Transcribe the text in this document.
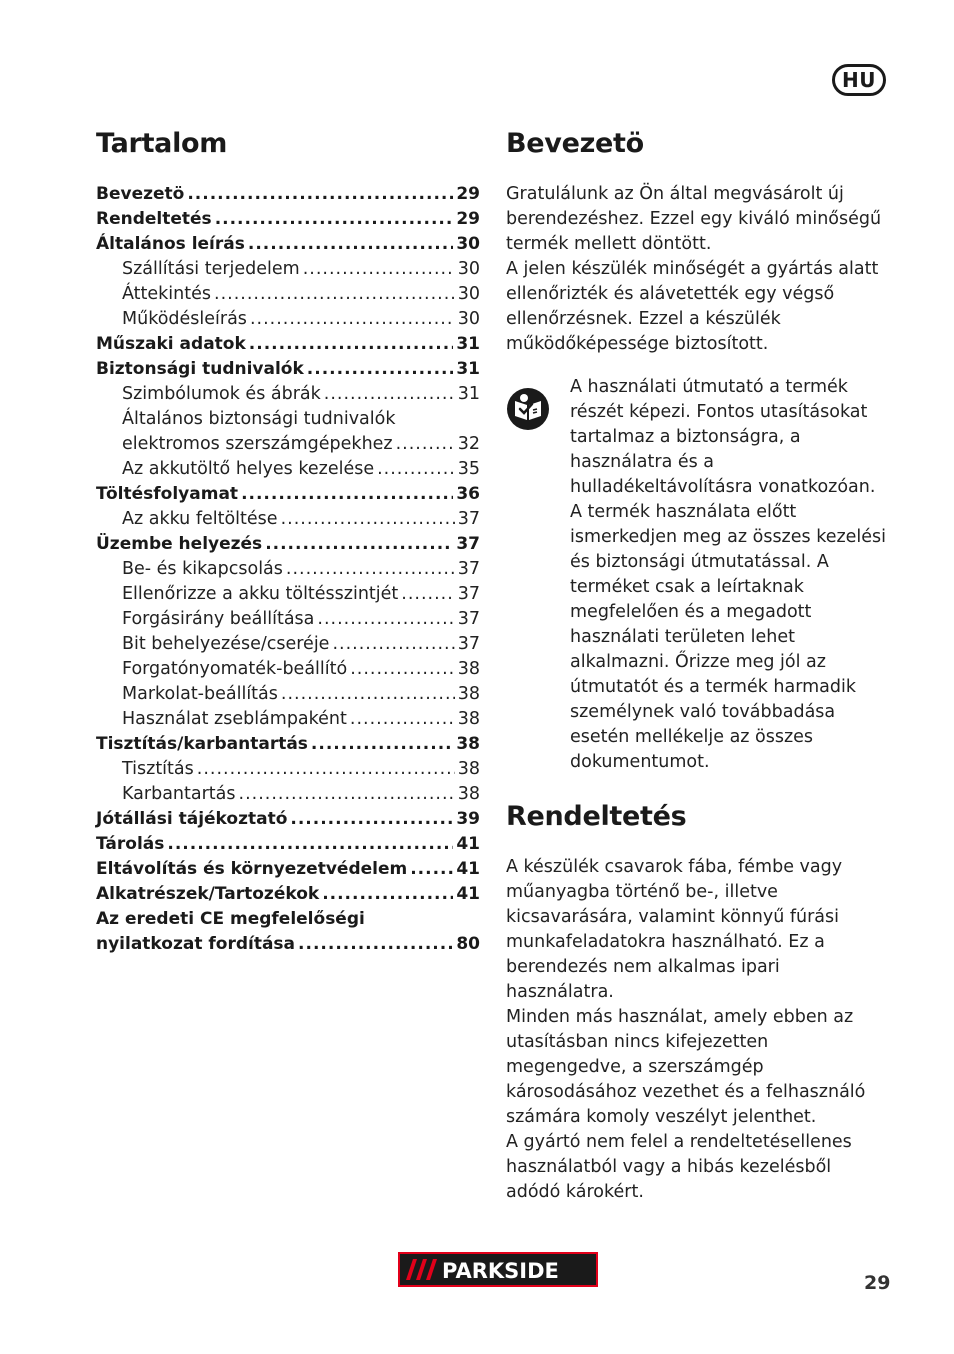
HU
Tartalom
Bevezetö .....	29
Rendeltetés .....	29
Általános leírás .....	30
Szállítási terjedelem .....	30
Áttekintés .....	30
Működésleírás .....	30
Műszaki adatok .....	31
Biztonsági tudnivalók .....	31
Szimbólumok és ábrák .....	31
Általános biztonsági tudnivalók
elektromos szerszámgépekhez .....	32
Az akkutöltő helyes kezelése .....	35
Töltésfolyamat .....	36
Az akku feltöltése .....	37
Üzembe helyezés .....	37
Be- és kikapcsolás .....	37
Ellenőrizze a akku töltésszintjét .....	37
Forgásirány beállítása .....	37
Bit behelyezése/cseréje .....	37
Forgatónyomaték-beállító .....	38
Markolat-beállítás .....	38
Használat zseblámpaként .....	38
Tisztítás/karbantartás .....	38
Tisztítás .....	38
Karbantartás .....	38
Jótállási tájékoztató .....	39
Tárolás .....	41
Eltávolítás és környezetvédelem .....	41
Alkatrészek/Tartozékok .....	41
Az eredeti CE megfelelőségi
nyilatkozat fordítása .....	80
Bevezetö

Gratulálunk az Ön által megvásárolt új berendezéshez. Ezzel egy kiváló minőségű termék mellett döntött.

A jelen készülék minőségét a gyártás alatt ellenőrizték és alávetették egy végső ellenőrzésnek. Ezzel a készülék működőképessége biztosított.

A használati útmutató a termék részét képezi. Fontos utasításokat tartalmaz a biztonságra, a használatra és a hulladékeltávolításra vonatkozóan. A termék használata előtt ismerkedjen meg az összes kezelési és biztonsági útmutatással. A terméket csak a leírtaknak megfelelően és a megadott használati területen lehet alkalmazni. Őrizze meg jól az útmutatót és a termék harmadik személynek való továbbadása esetén mellékelje az összes dokumentumot.

Rendeltetés

A készülék csavarok fába, fémbe vagy műanyagba történő be-, illetve kicsavarására, valamint könnyű fúrási munkafeladatokra használható. Ez a berendezés nem alkalmas ipari használatra.

Minden más használat, amely ebben az utasításban nincs kifejezetten megengedve, a szerszámgép károsodásához vezethet és a felhasználó számára komoly veszélyt jelenthet.

A gyártó nem felel a rendeltetésellenes használatból vagy a hibás kezelésből adódó károkért.

PARKSIDE	29
